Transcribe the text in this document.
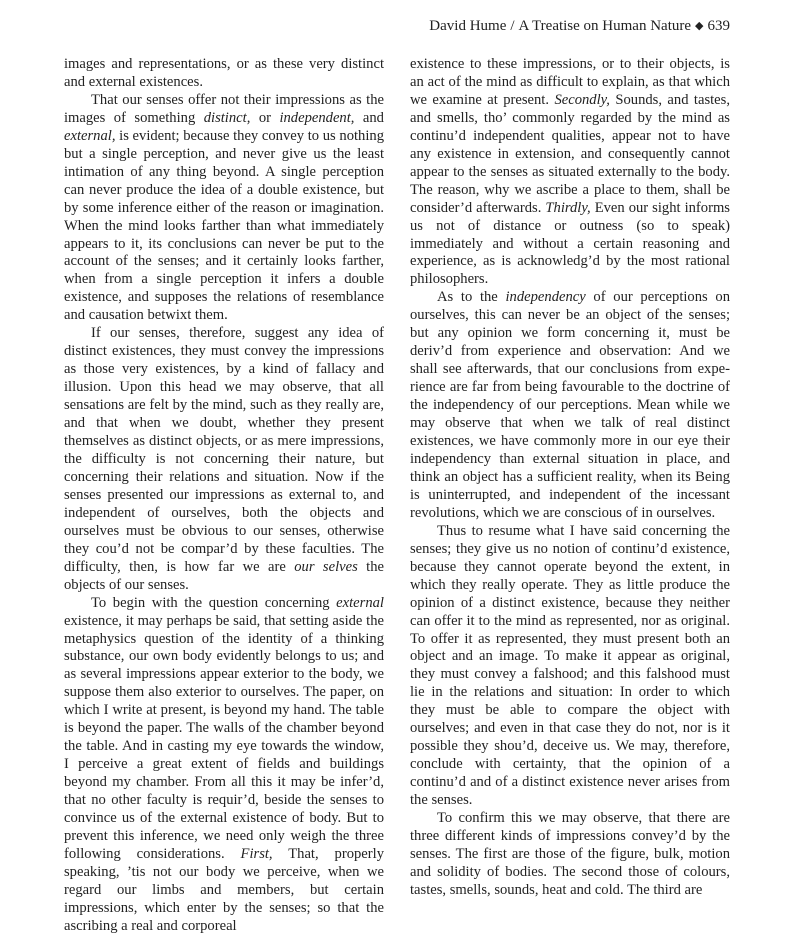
David Hume / A Treatise on Human Nature ◆ 639

images and representations, or as these very distinct and external existences.

That our senses offer not their impressions as the images of something distinct, or independent, and external, is evident; because they convey to us nothing but a single perception, and never give us the least intimation of any thing beyond. A single perception can never produce the idea of a double existence, but by some inference either of the reason or imagination. When the mind looks farther than what immediately appears to it, its conclusions can never be put to the account of the senses; and it certainly looks farther, when from a single perception it infers a double existence, and supposes the relations of resemblance and causation betwixt them.

If our senses, therefore, suggest any idea of distinct existences, they must convey the impressions as those very existences, by a kind of fallacy and illusion. Upon this head we may observe, that all sensations are felt by the mind, such as they really are, and that when we doubt, whether they present themselves as distinct objects, or as mere impressions, the difficulty is not concerning their nature, but concerning their relations and situation. Now if the senses presented our impressions as external to, and independent of ourselves, both the objects and ourselves must be obvious to our senses, otherwise they cou’d not be compar’d by these faculties. The difficulty, then, is how far we are our selves the objects of our senses.

To begin with the question concerning external existence, it may perhaps be said, that setting aside the metaphysics question of the identity of a thinking substance, our own body evidently belongs to us; and as several impressions appear exterior to the body, we suppose them also exterior to ourselves. The paper, on which I write at present, is beyond my hand. The table is beyond the paper. The walls of the chamber beyond the table. And in casting my eye towards the window, I perceive a great extent of fields and buildings beyond my chamber. From all this it may be infer’d, that no other faculty is requir’d, beside the senses to convince us of the external existence of body. But to prevent this inference, we need only weigh the three following considerations. First, That, properly speaking, ’tis not our body we perceive, when we regard our limbs and members, but certain impressions, which enter by the senses; so that the ascribing a real and corporeal

existence to these impressions, or to their objects, is an act of the mind as difficult to explain, as that which we examine at present. Secondly, Sounds, and tastes, and smells, tho’ commonly regarded by the mind as continu’d independent qualities, appear not to have any existence in extension, and consequently cannot appear to the senses as situated externally to the body. The reason, why we ascribe a place to them, shall be consider’d afterwards. Thirdly, Even our sight informs us not of distance or outness (so to speak) immediately and without a certain reasoning and experience, as is acknowledg’d by the most rational philosophers.

As to the independency of our perceptions on ourselves, this can never be an object of the senses; but any opinion we form concerning it, must be deriv’d from experience and observation: And we shall see afterwards, that our conclusions from experience are far from being favourable to the doctrine of the independency of our perceptions. Mean while we may observe that when we talk of real distinct existences, we have commonly more in our eye their independency than external situation in place, and think an object has a sufficient reality, when its Being is uninterrupted, and independent of the incessant revolutions, which we are conscious of in ourselves.

Thus to resume what I have said concerning the senses; they give us no notion of continu’d existence, because they cannot operate beyond the extent, in which they really operate. They as little produce the opinion of a distinct existence, because they neither can offer it to the mind as represented, nor as original. To offer it as represented, they must present both an object and an image. To make it appear as original, they must convey a falshood; and this falshood must lie in the relations and situation: In order to which they must be able to compare the object with ourselves; and even in that case they do not, nor is it possible they shou’d, deceive us. We may, therefore, conclude with certainty, that the opinion of a continu’d and of a distinct existence never arises from the senses.

To confirm this we may observe, that there are three different kinds of impressions convey’d by the senses. The first are those of the figure, bulk, motion and solidity of bodies. The second those of colours, tastes, smells, sounds, heat and cold. The third are
